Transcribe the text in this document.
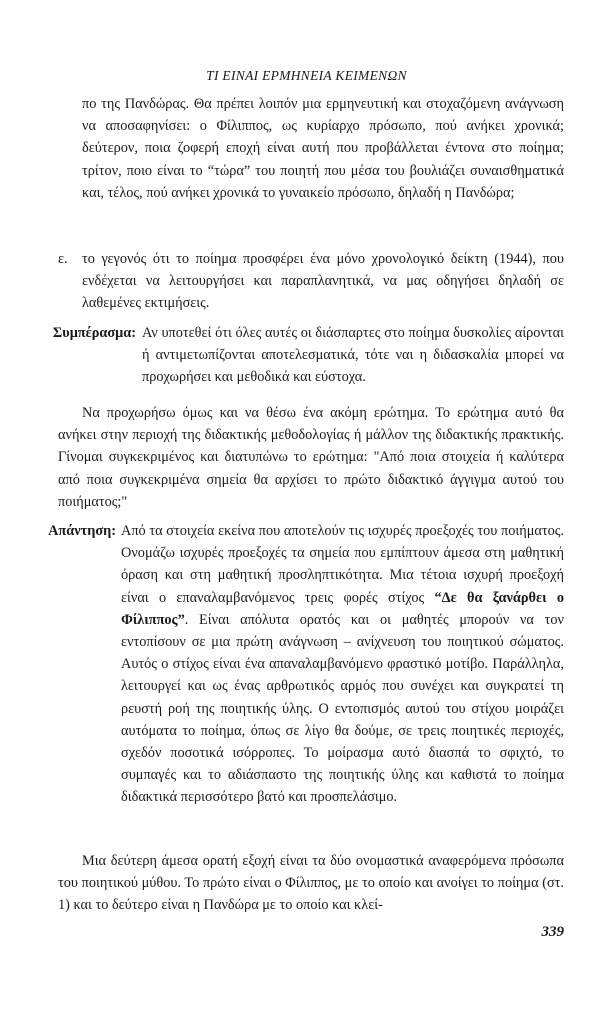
ΤΙ ΕΙΝΑΙ ΕΡΜΗΝΕΙΑ ΚΕΙΜΕΝΩΝ

πο της Πανδώρας. Θα πρέπει λοιπόν μια ερμηνευτική και στοχαζόμενη ανάγνωση να αποσαφηνίσει: ο Φίλιππος, ως κυρίαρχο πρόσωπο, πού ανήκει χρονικά; δεύτερον, ποια ζοφερή εποχή είναι αυτή που προβάλλεται έντονα στο ποίημα; τρίτον, ποιο είναι το “τώρα” του ποιητή που μέσα του βουλιάζει συναισθηματικά και, τέλος, πού ανήκει χρονικά το γυναικείο πρόσωπο, δηλαδή η Πανδώρα;

ε. το γεγονός ότι το ποίημα προσφέρει ένα μόνο χρονολογικό δείκτη (1944), που ενδέχεται να λειτουργήσει και παραπλανητικά, να μας οδηγήσει δηλαδή σε λαθεμένες εκτιμήσεις.

Συμπέρασμα: Αν υποτεθεί ότι όλες αυτές οι διάσπαρτες στο ποίημα δυσκολίες αίρονται ή αντιμετωπίζονται αποτελεσματικά, τότε ναι η διδασκαλία μπορεί να προχωρήσει και μεθοδικά και εύστοχα.

Να προχωρήσω όμως και να θέσω ένα ακόμη ερώτημα. Το ερώτημα αυτό θα ανήκει στην περιοχή της διδακτικής μεθοδολογίας ή μάλλον της διδακτικής πρακτικής. Γίνομαι συγκεκριμένος και διατυπώνω το ερώτημα: "Από ποια στοιχεία ή καλύτερα από ποια συγκεκριμένα σημεία θα αρχίσει το πρώτο διδακτικό άγγιγμα αυτού του ποιήματος;"

Απάντηση: Από τα στοιχεία εκείνα που αποτελούν τις ισχυρές προεξοχές του ποιήματος. Ονομάζω ισχυρές προεξοχές τα σημεία που εμπίπτουν άμεσα στη μαθητική όραση και στη μαθητική προσληπτικότητα. Μια τέτοια ισχυρή προεξοχή είναι ο επαναλαμβανόμενος τρεις φορές στίχος “Δε θα ξανάρθει ο Φίλιππος”. Είναι απόλυτα ορατός και οι μαθητές μπορούν να τον εντοπίσουν σε μια πρώτη ανάγνωση – ανίχνευση του ποιητικού σώματος. Αυτός ο στίχος είναι ένα απαναλαμβανόμενο φραστικό μοτίβο. Παράλληλα, λειτουργεί και ως ένας αρθρωτικός αρμός που συνέχει και συγκρατεί τη ρευστή ροή της ποιητικής ύλης. Ο εντοπισμός αυτού του στίχου μοιράζει αυτόματα το ποίημα, όπως σε λίγο θα δούμε, σε τρεις ποιητικές περιοχές, σχεδόν ποσοτικά ισόρροπες. Το μοίρασμα αυτό διασπά το σφιχτό, το συμπαγές και το αδιάσπαστο της ποιητικής ύλης και καθιστά το ποίημα διδακτικά περισσότερο βατό και προσπελάσιμο.

Μια δεύτερη άμεσα ορατή εξοχή είναι τα δύο ονομαστικά αναφερόμενα πρόσωπα του ποιητικού μύθου. Το πρώτο είναι ο Φίλιππος, με το οποίο και ανοίγει το ποίημα (στ. 1) και το δεύτερο είναι η Πανδώρα με το οποίο και κλεί-

339
